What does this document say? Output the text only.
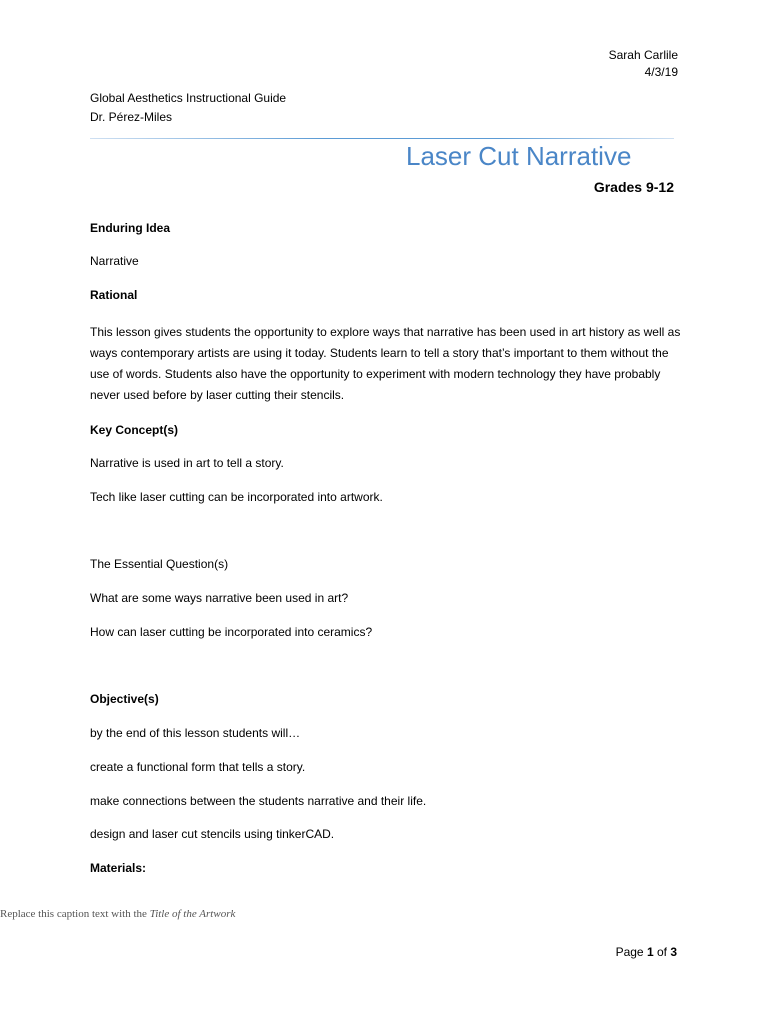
Sarah Carlile
4/3/19
Global Aesthetics Instructional Guide
Dr. Pérez-Miles
Laser Cut Narrative
Grades 9-12
Enduring Idea
Narrative
Rational
This lesson gives students the opportunity to explore ways that narrative has been used in art history as well as ways contemporary artists are using it today. Students learn to tell a story that’s important to them without the use of words. Students also have the opportunity to experiment with modern technology they have probably never used before by laser cutting their stencils.
Key Concept(s)
Narrative is used in art to tell a story.
Tech like laser cutting can be incorporated into artwork.
The Essential Question(s)
What are some ways narrative been used in art?
How can laser cutting be incorporated into ceramics?
Objective(s)
by the end of this lesson students will…
create a functional form that tells a story.
make connections between the students narrative and their life.
design and laser cut stencils using tinkerCAD.
Materials:
Replace this caption text with the Title of the Artwork
Page 1 of 3
